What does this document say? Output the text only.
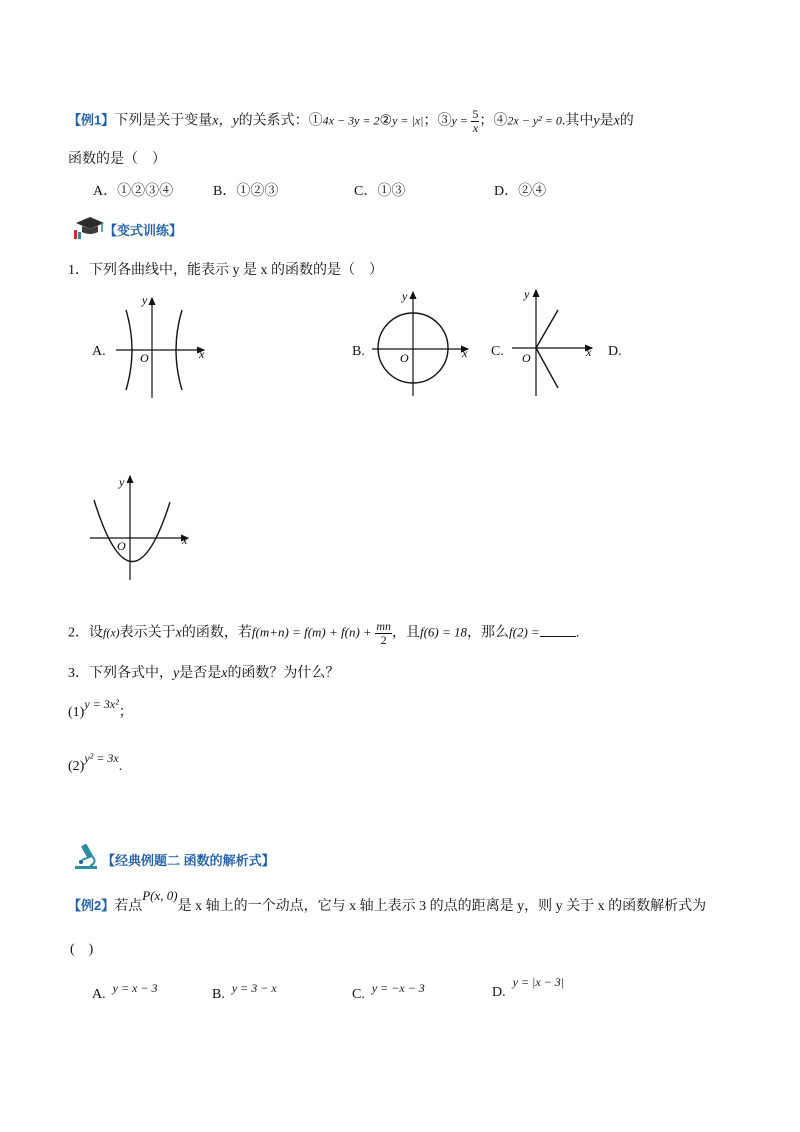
【例1】下列是关于变量x，y的关系式：①4x − 3y = 2②y = |x|；③y = $\frac{5}{x}$ ；④2x − y² = 0.其中y是x的
函数的是（　）
A．①②③④	B．①②③	C．①③	D．②④
【变式训练】
1．下列各曲线中，能表示 y 是 x 的函数的是（　）
A.	x
y
O	B.	x
y
O	C.	x
y
O	D.
x
y
O
2．设f(x)表示关于x的函数，若$f(m+n) = f(m) + f(n) + \frac{mn}{2}$ ，且f(6) = 18，那么f(2) =	.
3．下列各式中，y是否是x的函数？为什么？
(1)y = 3x²；
(2)y² = 3x.
【经典例题二 函数的解析式】
【例2】若点P(x, 0)是 x 轴上的一个动点，它与 x 轴上表示 3 的点的距离是 y，则 y 关于 x 的函数解析式为
(　)
A. y = x − 3	B. y = 3 − x	C. y = −x − 3	D.  y = |x − 3|
